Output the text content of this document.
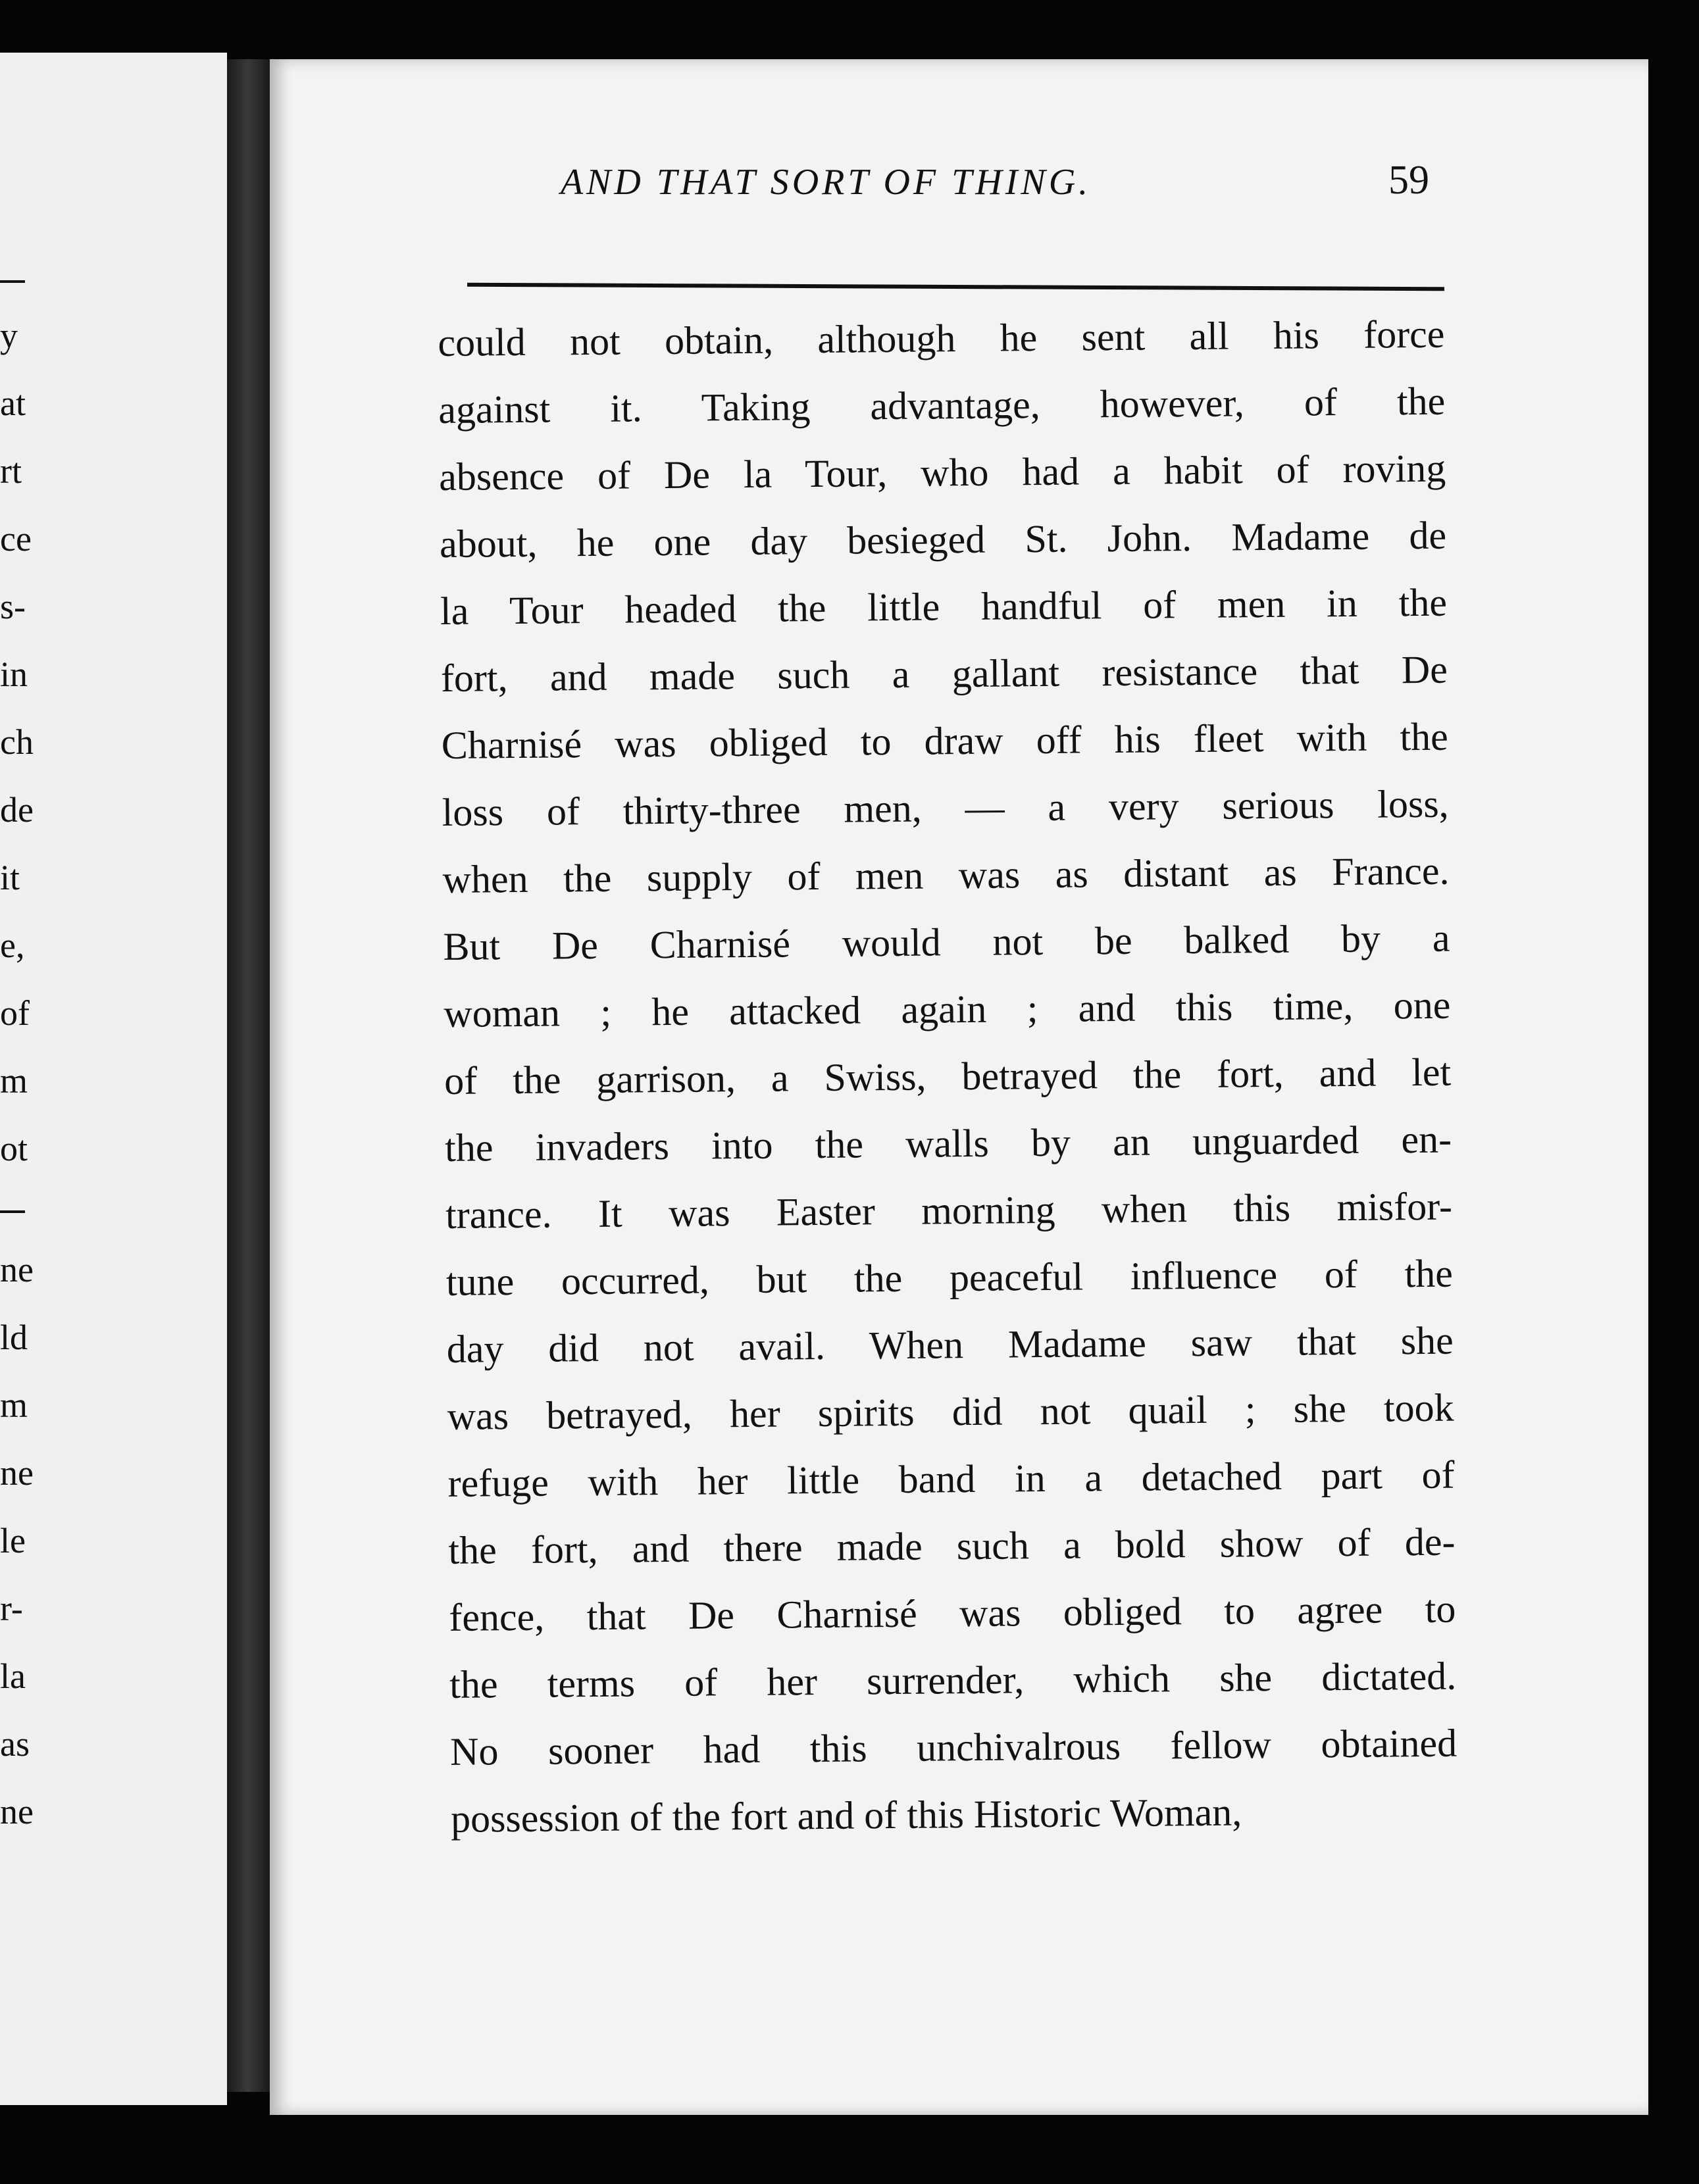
y
at
rt
ce
s-
in
ch
de
it
e,
of
m
ot
ne
ld
m
ne
le
r-
la
as
ne
AND THAT SORT OF THING.	59
could not obtain, although he sent all his force
against it. Taking advantage, however, of the
absence of De la Tour, who had a habit of roving
about, he one day besieged St. John. Madame de
la Tour headed the little handful of men in the
fort, and made such a gallant resistance that De
Charnisé was obliged to draw off his fleet with the
loss of thirty-three men, — a very serious loss,
when the supply of men was as distant as France.
But De Charnisé would not be balked by a
woman ; he attacked again ; and this time, one
of the garrison, a Swiss, betrayed the fort, and let
the invaders into the walls by an unguarded en-
trance. It was Easter morning when this misfor-
tune occurred, but the peaceful influence of the
day did not avail. When Madame saw that she
was betrayed, her spirits did not quail ; she took
refuge with her little band in a detached part of
the fort, and there made such a bold show of de-
fence, that De Charnisé was obliged to agree to
the terms of her surrender, which she dictated.
No sooner had this unchivalrous fellow obtained
possession of the fort and of this Historic Woman,
